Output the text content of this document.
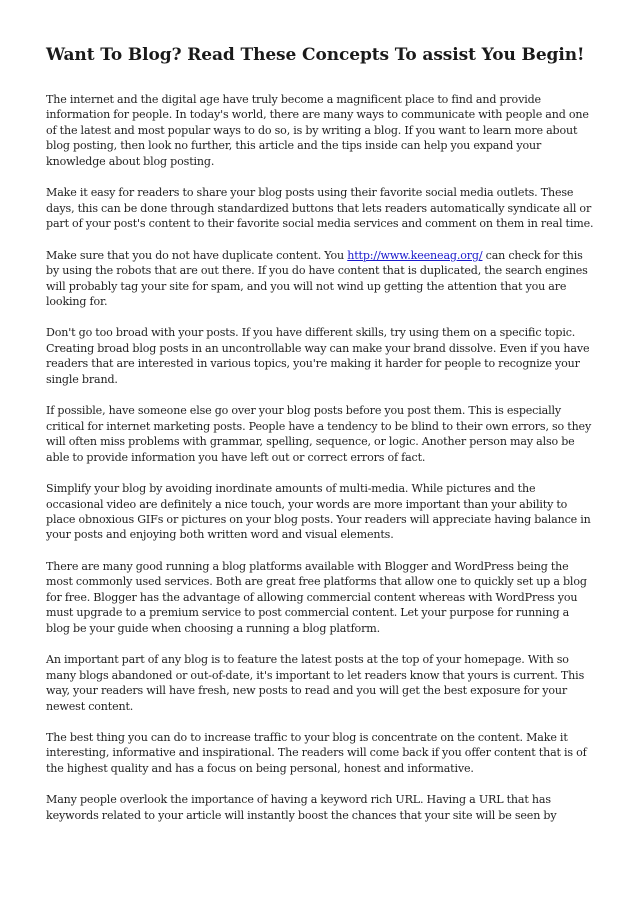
Want To Blog? Read These Concepts To assist You Begin!

The internet and the digital age have truly become a magnificent place to find and provide information for people. In today's world, there are many ways to communicate with people and one of the latest and most popular ways to do so, is by writing a blog. If you want to learn more about blog posting, then look no further, this article and the tips inside can help you expand your knowledge about blog posting.

Make it easy for readers to share your blog posts using their favorite social media outlets. These days, this can be done through standardized buttons that lets readers automatically syndicate all or part of your post's content to their favorite social media services and comment on them in real time.

Make sure that you do not have duplicate content. You http://www.keeneag.org/ can check for this by using the robots that are out there. If you do have content that is duplicated, the search engines will probably tag your site for spam, and you will not wind up getting the attention that you are looking for.

Don't go too broad with your posts. If you have different skills, try using them on a specific topic. Creating broad blog posts in an uncontrollable way can make your brand dissolve. Even if you have readers that are interested in various topics, you're making it harder for people to recognize your single brand.

If possible, have someone else go over your blog posts before you post them. This is especially critical for internet marketing posts. People have a tendency to be blind to their own errors, so they will often miss problems with grammar, spelling, sequence, or logic. Another person may also be able to provide information you have left out or correct errors of fact.

Simplify your blog by avoiding inordinate amounts of multi-media. While pictures and the occasional video are definitely a nice touch, your words are more important than your ability to place obnoxious GIFs or pictures on your blog posts. Your readers will appreciate having balance in your posts and enjoying both written word and visual elements.

There are many good running a blog platforms available with Blogger and WordPress being the most commonly used services. Both are great free platforms that allow one to quickly set up a blog for free. Blogger has the advantage of allowing commercial content whereas with WordPress you must upgrade to a premium service to post commercial content. Let your purpose for running a blog be your guide when choosing a running a blog platform.

An important part of any blog is to feature the latest posts at the top of your homepage. With so many blogs abandoned or out-of-date, it's important to let readers know that yours is current. This way, your readers will have fresh, new posts to read and you will get the best exposure for your newest content.

The best thing you can do to increase traffic to your blog is concentrate on the content. Make it interesting, informative and inspirational. The readers will come back if you offer content that is of the highest quality and has a focus on being personal, honest and informative.

Many people overlook the importance of having a keyword rich URL. Having a URL that has keywords related to your article will instantly boost the chances that your site will be seen by
